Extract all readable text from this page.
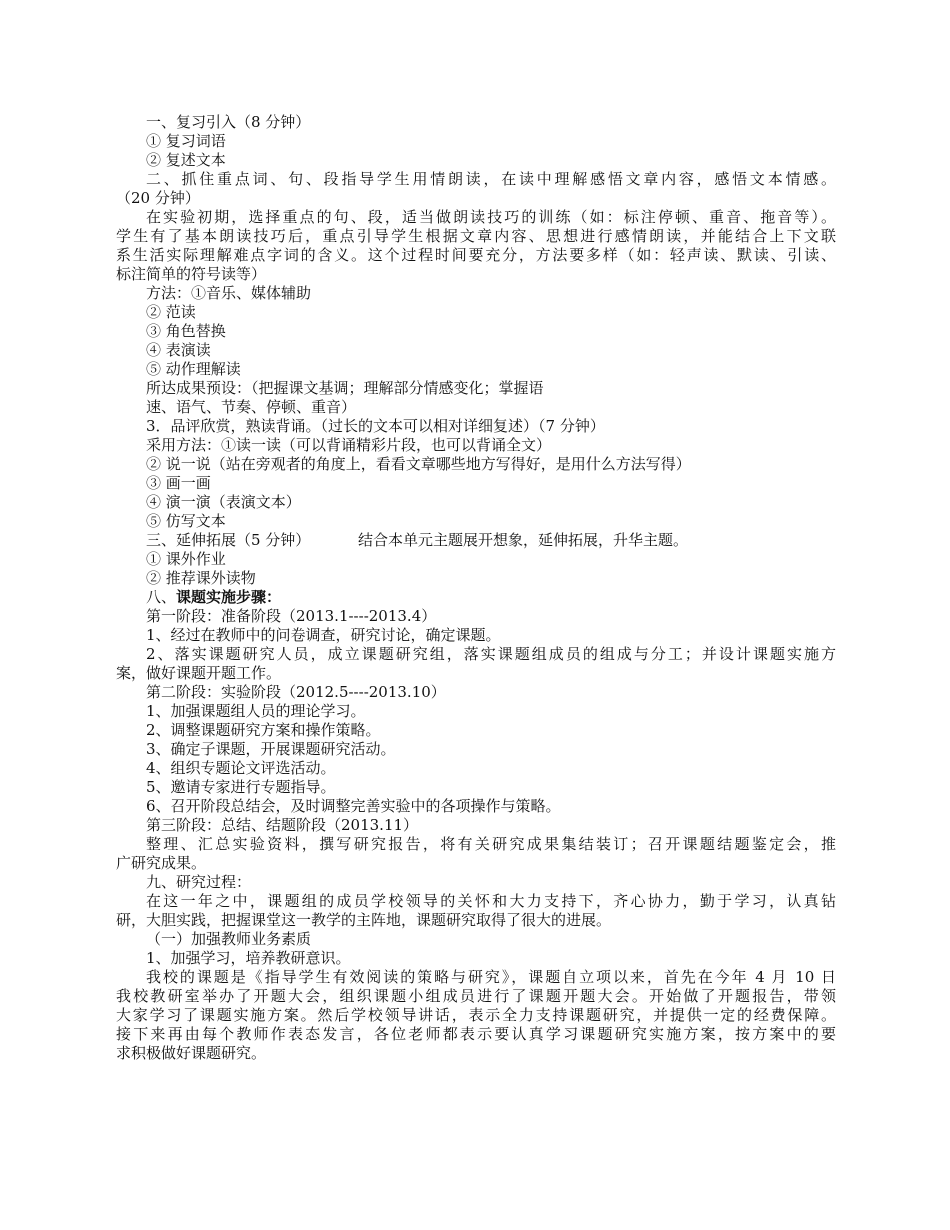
一、复习引入（8 分钟）
① 复习词语
② 复述文本
二、抓住重点词、句、段指导学生用情朗读，在读中理解感悟文章内容，感悟文本情感。
（20 分钟）
在实验初期，选择重点的句、段，适当做朗读技巧的训练（如：标注停顿、重音、拖音等）。
学生有了基本朗读技巧后，重点引导学生根据文章内容、思想进行感情朗读，并能结合上下文联
系生活实际理解难点字词的含义。这个过程时间要充分，方法要多样（如：轻声读、默读、引读、
标注简单的符号读等）
方法：①音乐、媒体辅助
② 范读
③ 角色替换
④ 表演读
⑤ 动作理解读
所达成果预设：（把握课文基调；理解部分情感变化；掌握语
速、语气、节奏、停顿、重音）
3．品评欣赏，熟读背诵。（过长的文本可以相对详细复述）（7 分钟）
采用方法：①读一读（可以背诵精彩片段，也可以背诵全文）
② 说一说（站在旁观者的角度上，看看文章哪些地方写得好，是用什么方法写得）
③ 画一画
④ 演一演（表演文本）
⑤ 仿写文本
三、延伸拓展（5 分钟）          结合本单元主题展开想象，延伸拓展，升华主题。
① 课外作业
② 推荐课外读物
八、课题实施步骤：
第一阶段：准备阶段（2013.1----2013.4）
1、经过在教师中的问卷调查，研究讨论，确定课题。
2、落实课题研究人员，成立课题研究组，落实课题组成员的组成与分工；并设计课题实施方
案，做好课题开题工作。
第二阶段：实验阶段（2012.5----2013.10）
1、加强课题组人员的理论学习。
2、调整课题研究方案和操作策略。
3、确定子课题，开展课题研究活动。
4、组织专题论文评选活动。
5、邀请专家进行专题指导。
6、召开阶段总结会，及时调整完善实验中的各项操作与策略。
第三阶段：总结、结题阶段（2013.11）
整理、汇总实验资料，撰写研究报告，将有关研究成果集结装订；召开课题结题鉴定会，推
广研究成果。
九、研究过程：
在这一年之中，课题组的成员学校领导的关怀和大力支持下，齐心协力，勤于学习，认真钻
研，大胆实践，把握课堂这一教学的主阵地，课题研究取得了很大的进展。
（一）加强教师业务素质
1、加强学习，培养教研意识。
我校的课题是《指导学生有效阅读的策略与研究》，课题自立项以来，首先在今年 4 月 10 日
我校教研室举办了开题大会，组织课题小组成员进行了课题开题大会。开始做了开题报告，带领
大家学习了课题实施方案。然后学校领导讲话，表示全力支持课题研究，并提供一定的经费保障。
接下来再由每个教师作表态发言，各位老师都表示要认真学习课题研究实施方案，按方案中的要
求积极做好课题研究。
